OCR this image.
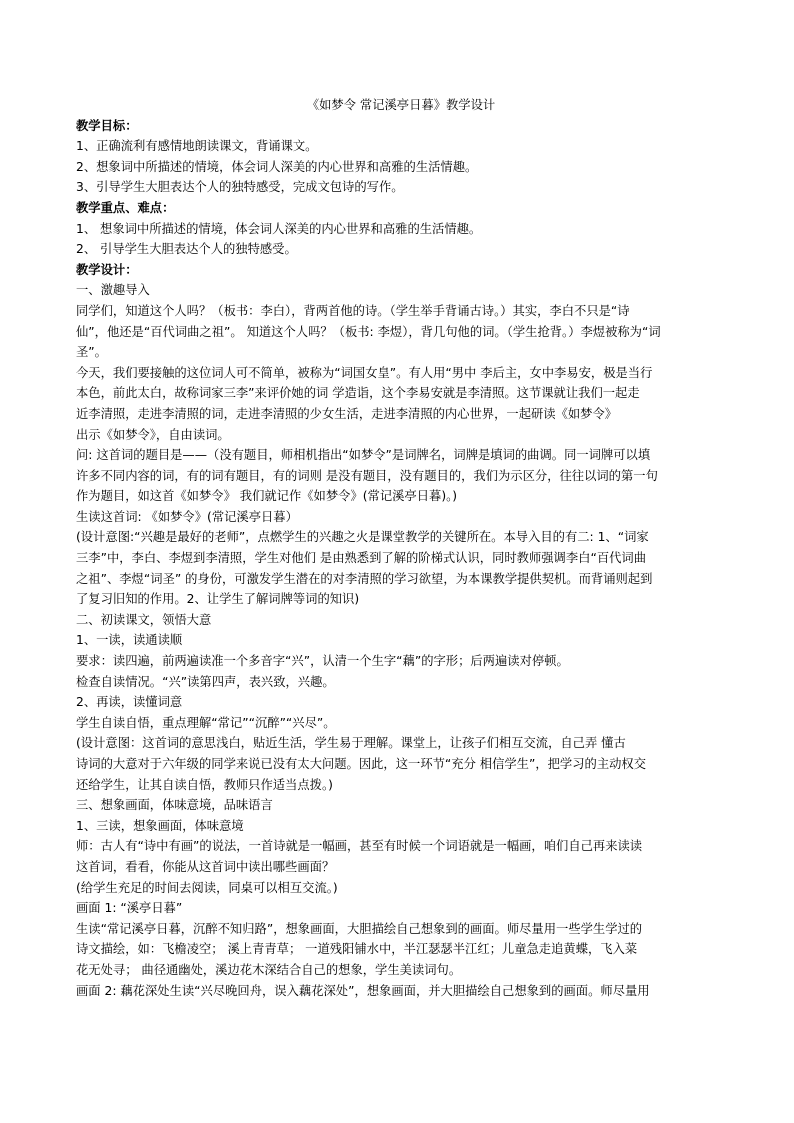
《如梦令 常记溪亭日暮》教学设计
教学目标：
1、正确流利有感情地朗读课文，背诵课文。
2、想象词中所描述的情境，体会词人深美的内心世界和高雅的生活情趣。
3、引导学生大胆表达个人的独特感受，完成文包诗的写作。
教学重点、难点：
1、 想象词中所描述的情境，体会词人深美的内心世界和高雅的生活情趣。
2、 引导学生大胆表达个人的独特感受。
教学设计：
一、激趣导入
同学们，知道这个人吗？（板书：李白），背两首他的诗。（学生举手背诵古诗。）其实，李白不只是“诗
仙”，他还是“百代词曲之祖”。 知道这个人吗？（板书: 李煜），背几句他的词。（学生抢背。）李煜被称为“词
圣”。
今天，我们要接触的这位词人可不简单，被称为“词国女皇”。有人用“男中 李后主，女中李易安，极是当行
本色，前此太白，故称词家三李”来评价她的词 学造诣，这个李易安就是李清照。这节课就让我们一起走
近李清照，走进李清照的词，走进李清照的少女生活，走进李清照的内心世界，一起研读《如梦令》
出示《如梦令》，自由读词。
问: 这首词的题目是——（没有题目，师相机指出“如梦令”是词牌名，词牌是填词的曲调。同一词牌可以填
许多不同内容的词，有的词有题目，有的词则 是没有题目，没有题目的，我们为示区分，往往以词的第一句
作为题目，如这首《如梦令》 我们就记作《如梦令》(常记溪亭日暮)。)
生读这首词: 《如梦令》(常记溪亭日暮）
(设计意图:“兴趣是最好的老师”，点燃学生的兴趣之火是课堂教学的关键所在。本导入目的有二: 1、“词家
三李”中，李白、李煜到李清照，学生对他们 是由熟悉到了解的阶梯式认识，同时教师强调李白“百代词曲
之祖”、李煜“词圣” 的身份，可激发学生潜在的对李清照的学习欲望，为本课教学提供契机。而背诵则起到
了复习旧知的作用。2、让学生了解词牌等词的知识)
二、初读课文，领悟大意
1、一读，读通读顺
要求：读四遍，前两遍读准一个多音字“兴”，认清一个生字“藕”的字形；后两遍读对停顿。
检查自读情况。“兴”读第四声，表兴致，兴趣。
2、再读，读懂词意
学生自读自悟，重点理解“常记”“沉醉”“兴尽”。
(设计意图：这首词的意思浅白，贴近生活，学生易于理解。课堂上，让孩子们相互交流，自己弄 懂古
诗词的大意对于六年级的同学来说已没有太大问题。因此，这一环节“充分 相信学生”，把学习的主动权交
还给学生，让其自读自悟，教师只作适当点拨。)
三、想象画面，体味意境，品味语言
1、三读，想象画面，体味意境
师：古人有“诗中有画”的说法，一首诗就是一幅画，甚至有时候一个词语就是一幅画，咱们自己再来读读
这首词，看看，你能从这首词中读出哪些画面？
(给学生充足的时间去阅读，同桌可以相互交流。)
画面 1: “溪亭日暮”
生读“常记溪亭日暮，沉醉不知归路”，想象画面，大胆描绘自己想象到的画面。师尽量用一些学生学过的
诗文描绘，如：飞檐凌空； 溪上青青草； 一道残阳铺水中，半江瑟瑟半江红；儿童急走追黄蝶，飞入菜
花无处寻； 曲径通幽处，溪边花木深结合自己的想象，学生美读词句。
画面 2: 藕花深处生读“兴尽晚回舟，误入藕花深处”，想象画面，并大胆描绘自己想象到的画面。师尽量用
